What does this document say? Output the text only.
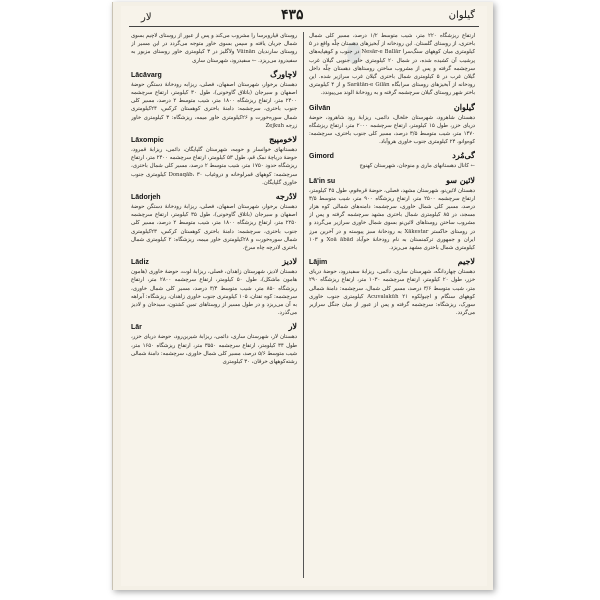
لار	۴۳۵	گیلوان

روستای قیاروبرسا را مشروب می‌کند و پس از عبور از روستای لاچیم بسوی شمال جریان یافته و سپس بسوی خاور متوجه می‌گردد در این مسیر از روستای سارندیان Vüinän ولاگلیز در ۳ کیلومتری خاور روستای مزبور به سفیدرود می‌ریزد. ← سفیدرود، شهرستان ساری

Lācāvarg	لاچاورگ

دهستان برخوار، شهرستان اصفهان، فصلی، ریزابه رودخانهٔ دستگن حوضهٔ اصفهان و سیرجان (باتلاق گاوخونی)، طول ۳۰ کیلومتر، ارتفاع سرچشمه ۲۴۰۰ متر، ارتفاع ریزشگاه ۱۸۰۰ متر، شیب متوسط ۲ درصد، مسیر کلی جنوب باختری، سرچشمه: دامنهٔ باختری کوهستان کرکس، ۲۴کیلومتری شمال سوره‌خورت و ۲۶کیلومتری خاور میمه، ریزشگاه: ۳ کیلومتری خاور زرجه Zejkuh

Lāxompic	لاخومپیج

دهستانهای خوانسار و حومه، شهرستان گلپایگان، دائمی، ریزابهٔ قمرود، حوضهٔ دریاچهٔ نمک قم، طول ۵۳ کیلومتر، ارتفاع سرچشمه ۲۴۰۰ متر، ارتفاع ریزشگاه حدود ۱۷۵۰ متر، شیب متوسط ۲ درصد، مسیر کلی شمال باختری، سرچشمه: کوههای قمرلوخانه و دروغیاب Donaqāb، ۳۰ کیلومتری جنوب خاوری گلپایگان.

Lādorjeh	لادُرجه

دهستان برخوار، شهرستان اصفهان، فصلی، ریزابهٔ رودخانهٔ دستگن حوضهٔ اصفهان و سیرجان (باتلاق گاوخونی)، طول ۳۵ کیلومتر، ارتفاع سرچشمه ۲۲۵۰ متر، ارتفاع ریزشگاه ۱۸۰۰ متر، شیب متوسط ۲ درصد، مسیر کلی جنوب باختری، سرچشمه: دامنهٔ باختری کوهستان کرکس، ۲۳کیلومتری شمال سوره‌خورت و ۲۸کیلومتری خاور میمه، ریزشگاه: ۲ کیلومتری شمال باختری لادرچه چاه سرخ.

Lādiz	لادیز

دهستان لادیز، شهرستان زاهدان، فصلی، ریزابهٔ لوت، حوضهٔ خاوری (هامون هامون ماشکل)، طول ۵۰ کیلومتر، ارتفاع سرچشمه ۲۸۰۰ متر، ارتفاع ریزشگاه ۸۵۰ متر، شیب متوسط ۳/۴ درصد، مسیر کلی شمال خاوری، سرچشمه: کوه تفتان، ۱۰۵ کیلومتری جنوب خاوری زاهدان، ریزشگاه: آبراهه به آن می‌ریزد و در طول مسیر از روستاهای تمین کشتون، سیدخان و لادیز می‌گذرد.

Lār	لار

دهستان لار، شهرستان ساری، دائمی، ریزابهٔ شیرین‌رود، حوضهٔ دریای خزر، طول ۳۴ کیلومتر، ارتفاع سرچشمه ۳۵۵۰ متر، ارتفاع ریزشگاه ۱۶۵۰ متر، شیب متوسط ۵/۶ درصد، مسیر کلی شمال خاوری، سرچشمه: دامنهٔ شمالی رشته‌کوههای خرقان، ۳۰ کیلومتری

ارتفاع ریزشگاه ۲۲۰ متر، شیب متوسط ۱/۲ درصد، مسیر کلی شمال باختری، از روستای گلستان. این رودخانه از آبخیزهای دهستان چلّه واقع در ۵ کیلومتری میان کوههای سنگ‌سرا Nesār-e Ballār در جنوب و کوهپایه‌های پرشیب آن کشیده شده، در شمال ۲۰ کیلومتری خاور جنوبی گیلان غرب سرچشمه گرفته و پس از مشروب ساختن روستاهای دهستان چلّه داخل گیلان غرب در ۵ کیلومتری شمال باختری گیلان غرب سرازیر شده. این رودخانه از آبخیزهای روستای سرابگاه Sarātān-e Gilān و از ۴ کیلومتری باختر شهر روستای گیلان سرچشمه گرفته و به رودخانهٔ الوند می‌پیوندد.

Gilvān	گیلوان

دهستان شاهرود، شهرستان خلخال، دائمی، ریزابهٔ رود شاهرود، حوضهٔ دریای خزر، طول ۱۵ کیلومتر، ارتفاع سرچشمه ۲۰۰۰ متر، ارتفاع ریزشگاه ۱۴۷۰ متر، شیب متوسط ۳/۵ درصد، مسیر کلی جنوب باختری، سرچشمه: کوه‌وانو، ۲۴ کیلومتری جنوب خاوری هروآباد.

Gimord	گی‌مُرد

← کانال دهستانهای ماری و منوجان، شهرستان کهنوج

Lā'in su	لائین سو

دهستان لائین‌نو، شهرستان مشهد، فصلی، حوضهٔ قره‌قوم، طول ۴۵ کیلومتر، ارتفاع سرچشمه ۲۵۰۰ متر، ارتفاع ریزشگاه ۹۰۰ متر، شیب متوسط ۳/۵ درصد، مسیر کلی شمال خاوری، سرچشمه: دامنه‌های شمالی کوه هزار مسجد، در ۸۵ کیلومتری شمال باختری مشهد سرچشمه گرفته و پس از مشروب ساختن روستاهای لائین‌نو بسوی شمال خاوری سرازیر می‌گردد و در روستای خاکستر Xākestar به رودخانهٔ سبز پیوسته و در آخرین مرز ایران و جمهوری ترکمنستان به نام رودخانهٔ خوآباد Xoā ābād و ۱۰۳ کیلومتری شمال باختری مشهد می‌ریزد.

Lājim	لاجیم

دهستان چهاردانگه، شهرستان ساری، دائمی، ریزابهٔ سفیدرود، حوضهٔ دریای خزر، طول ۲۰ کیلومتر، ارتفاع سرچشمه ۱۰۳۰ متر، ارتفاع ریزشگاه ۲۹۰ متر، شیب متوسط ۳/۶ درصد، مسیر کلی شمال، سرچشمه: دامنهٔ شمالی کوههای سنگام و اچیولکوه Acuvalakūh ۲۱ کیلومتری جنوب خاوری سورک، ریزشگاه: سرچشمه گرفته و پس از عبور از میان جنگل سرازیر می‌گردد.
